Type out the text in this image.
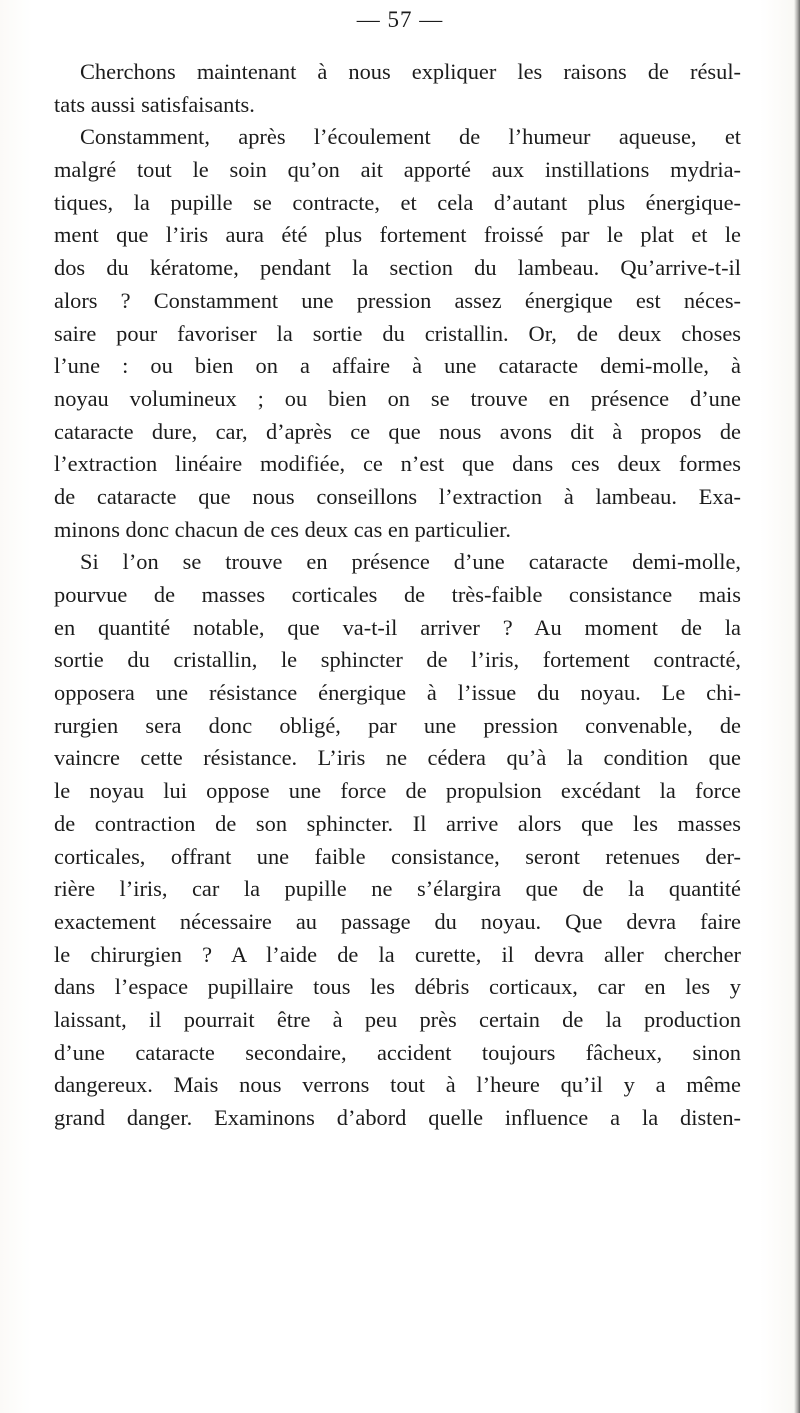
— 57 —
Cherchons maintenant à nous expliquer les raisons de résul-
tats aussi satisfaisants.
Constamment, après l’écoulement de l’humeur aqueuse, et
malgré tout le soin qu’on ait apporté aux instillations mydria-
tiques, la pupille se contracte, et cela d’autant plus énergique-
ment que l’iris aura été plus fortement froissé par le plat et le
dos du kératome, pendant la section du lambeau. Qu’arrive-t-il
alors ? Constamment une pression assez énergique est néces-
saire pour favoriser la sortie du cristallin. Or, de deux choses
l’une : ou bien on a affaire à une cataracte demi-molle, à
noyau volumineux ; ou bien on se trouve en présence d’une
cataracte dure, car, d’après ce que nous avons dit à propos de
l’extraction linéaire modifiée, ce n’est que dans ces deux formes
de cataracte que nous conseillons l’extraction à lambeau. Exa-
minons donc chacun de ces deux cas en particulier.
Si l’on se trouve en présence d’une cataracte demi-molle,
pourvue de masses corticales de très-faible consistance mais
en quantité notable, que va-t-il arriver ? Au moment de la
sortie du cristallin, le sphincter de l’iris, fortement contracté,
opposera une résistance énergique à l’issue du noyau. Le chi-
rurgien sera donc obligé, par une pression convenable, de
vaincre cette résistance. L’iris ne cédera qu’à la condition que
le noyau lui oppose une force de propulsion excédant la force
de contraction de son sphincter. Il arrive alors que les masses
corticales, offrant une faible consistance, seront retenues der-
rière l’iris, car la pupille ne s’élargira que de la quantité
exactement nécessaire au passage du noyau. Que devra faire
le chirurgien ? A l’aide de la curette, il devra aller chercher
dans l’espace pupillaire tous les débris corticaux, car en les y
laissant, il pourrait être à peu près certain de la production
d’une cataracte secondaire, accident toujours fâcheux, sinon
dangereux. Mais nous verrons tout à l’heure qu’il y a même
grand danger. Examinons d’abord quelle influence a la disten-
